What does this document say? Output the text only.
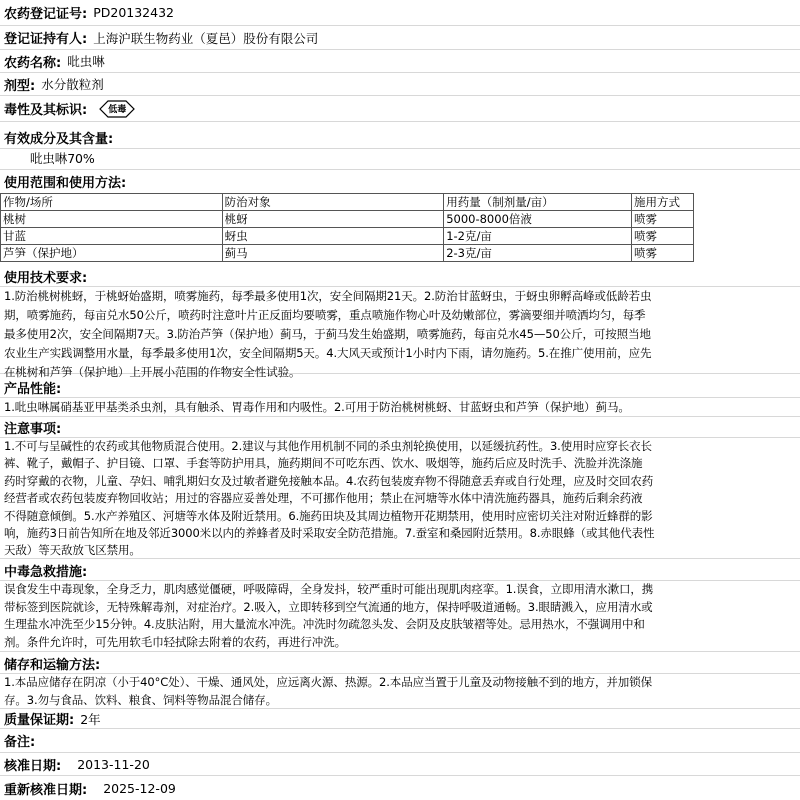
农药登记证号: PD20132432
登记证持有人: 上海沪联生物药业（夏邑）股份有限公司
农药名称: 吡虫啉
剂型: 水分散粒剂
毒性及其标识: 低毒
有效成分及其含量:
吡虫啉70%
使用范围和使用方法:
作物/场所	防治对象	用药量（制剂量/亩）	施用方式
桃树	桃蚜	5000-8000倍液	喷雾
甘蓝	蚜虫	1-2克/亩	喷雾
芦笋（保护地）	蓟马	2-3克/亩	喷雾
使用技术要求:
1.防治桃树桃蚜，于桃蚜始盛期，喷雾施药，每季最多使用1次，安全间隔期21天。2.防治甘蓝蚜虫，于蚜虫卵孵高峰或低龄若虫
期，喷雾施药，每亩兑水50公斤，喷药时注意叶片正反面均要喷雾，重点喷施作物心叶及幼嫩部位，雾滴要细并喷洒均匀，每季
最多使用2次，安全间隔期7天。3.防治芦笋（保护地）蓟马，于蓟马发生始盛期，喷雾施药，每亩兑水45—50公斤，可按照当地
农业生产实践调整用水量，每季最多使用1次，安全间隔期5天。4.大风天或预计1小时内下雨，请勿施药。5.在推广使用前，应先
在桃树和芦笋（保护地）上开展小范围的作物安全性试验。
产品性能:
1.吡虫啉属硝基亚甲基类杀虫剂，具有触杀、胃毒作用和内吸性。2.可用于防治桃树桃蚜、甘蓝蚜虫和芦笋（保护地）蓟马。
注意事项:
1.不可与呈碱性的农药或其他物质混合使用。2.建议与其他作用机制不同的杀虫剂轮换使用，以延缓抗药性。3.使用时应穿长衣长
裤、靴子，戴帽子、护目镜、口罩、手套等防护用具，施药期间不可吃东西、饮水、吸烟等，施药后应及时洗手、洗脸并洗涤施
药时穿戴的衣物，儿童、孕妇、哺乳期妇女及过敏者避免接触本品。4.农药包装废弃物不得随意丢弃或自行处理，应及时交回农药
经营者或农药包装废弃物回收站；用过的容器应妥善处理，不可挪作他用；禁止在河塘等水体中清洗施药器具，施药后剩余药液
不得随意倾倒。5.水产养殖区、河塘等水体及附近禁用。6.施药田块及其周边植物开花期禁用，使用时应密切关注对附近蜂群的影
响，施药3日前告知所在地及邻近3000米以内的养蜂者及时采取安全防范措施。7.蚕室和桑园附近禁用。8.赤眼蜂（或其他代表性
天敌）等天敌放飞区禁用。
中毒急救措施:
误食发生中毒现象，全身乏力，肌肉感觉僵硬，呼吸障碍，全身发抖，较严重时可能出现肌肉痉挛。1.误食，立即用清水漱口，携
带标签到医院就诊，无特殊解毒剂，对症治疗。2.吸入，立即转移到空气流通的地方，保持呼吸道通畅。3.眼睛溅入，应用清水或
生理盐水冲洗至少15分钟。4.皮肤沾附，用大量流水冲洗。冲洗时勿疏忽头发、会阴及皮肤皱褶等处。忌用热水，不强调用中和
剂。条件允许时，可先用软毛巾轻拭除去附着的农药，再进行冲洗。
储存和运输方法:
1.本品应储存在阴凉（小于40°C处）、干燥、通风处，应远离火源、热源。2.本品应当置于儿童及动物接触不到的地方，并加锁保
存。3.勿与食品、饮料、粮食、饲料等物品混合储存。
质量保证期: 2年
备注:
核准日期: 2013-11-20
重新核准日期: 2025-12-09
